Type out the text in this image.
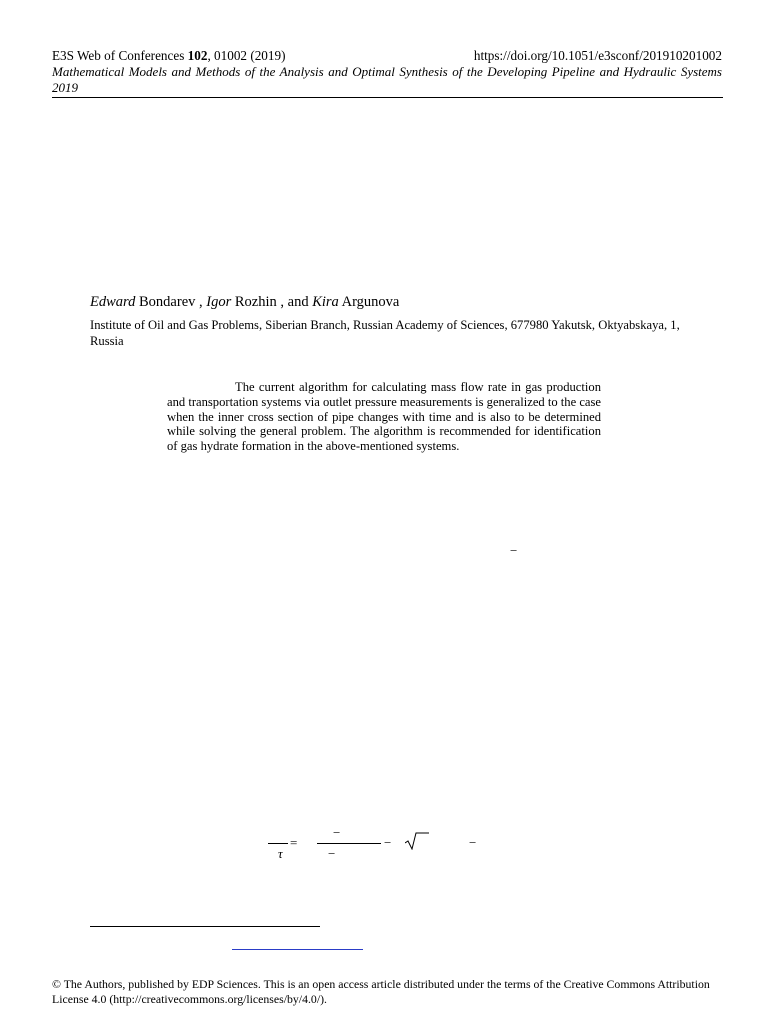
E3S Web of Conferences 102, 01002 (2019)	https://doi.org/10.1051/e3sconf/201910201002
Mathematical Models and Methods of the Analysis and Optimal Synthesis of the Developing Pipeline and Hydraulic Systems 2019
Edward Bondarev , Igor Rozhin , and Kira Argunova
Institute of Oil and Gas Problems, Siberian Branch, Russian Academy of Sciences, 677980 Yakutsk, Oktyabskaya, 1, Russia
The current algorithm for calculating mass flow rate in gas production and transportation systems via outlet pressure measurements is generalized to the case when the inner cross section of pipe changes with time and is also to be determined while solving the general problem. The algorithm is recommended for identification of gas hydrate formation in the above-mentioned systems.
−
τ
=
−
−
−	−
© The Authors, published by EDP Sciences. This is an open access article distributed under the terms of the Creative Commons Attribution License 4.0 (http://creativecommons.org/licenses/by/4.0/).
